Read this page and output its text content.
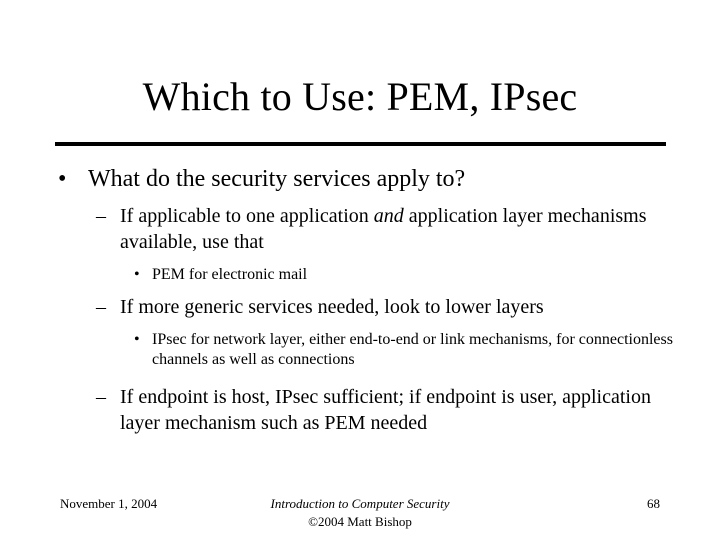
Which to Use: PEM, IPsec
• What do the security services apply to?
– If applicable to one application and application layer mechanisms available, use that
• PEM for electronic mail
– If more generic services needed, look to lower layers
• IPsec for network layer, either end-to-end or link mechanisms, for connectionless channels as well as connections
– If endpoint is host, IPsec sufficient; if endpoint is user, application layer mechanism such as PEM needed
November 1, 2004	Introduction to Computer Security
©2004 Matt Bishop
68
